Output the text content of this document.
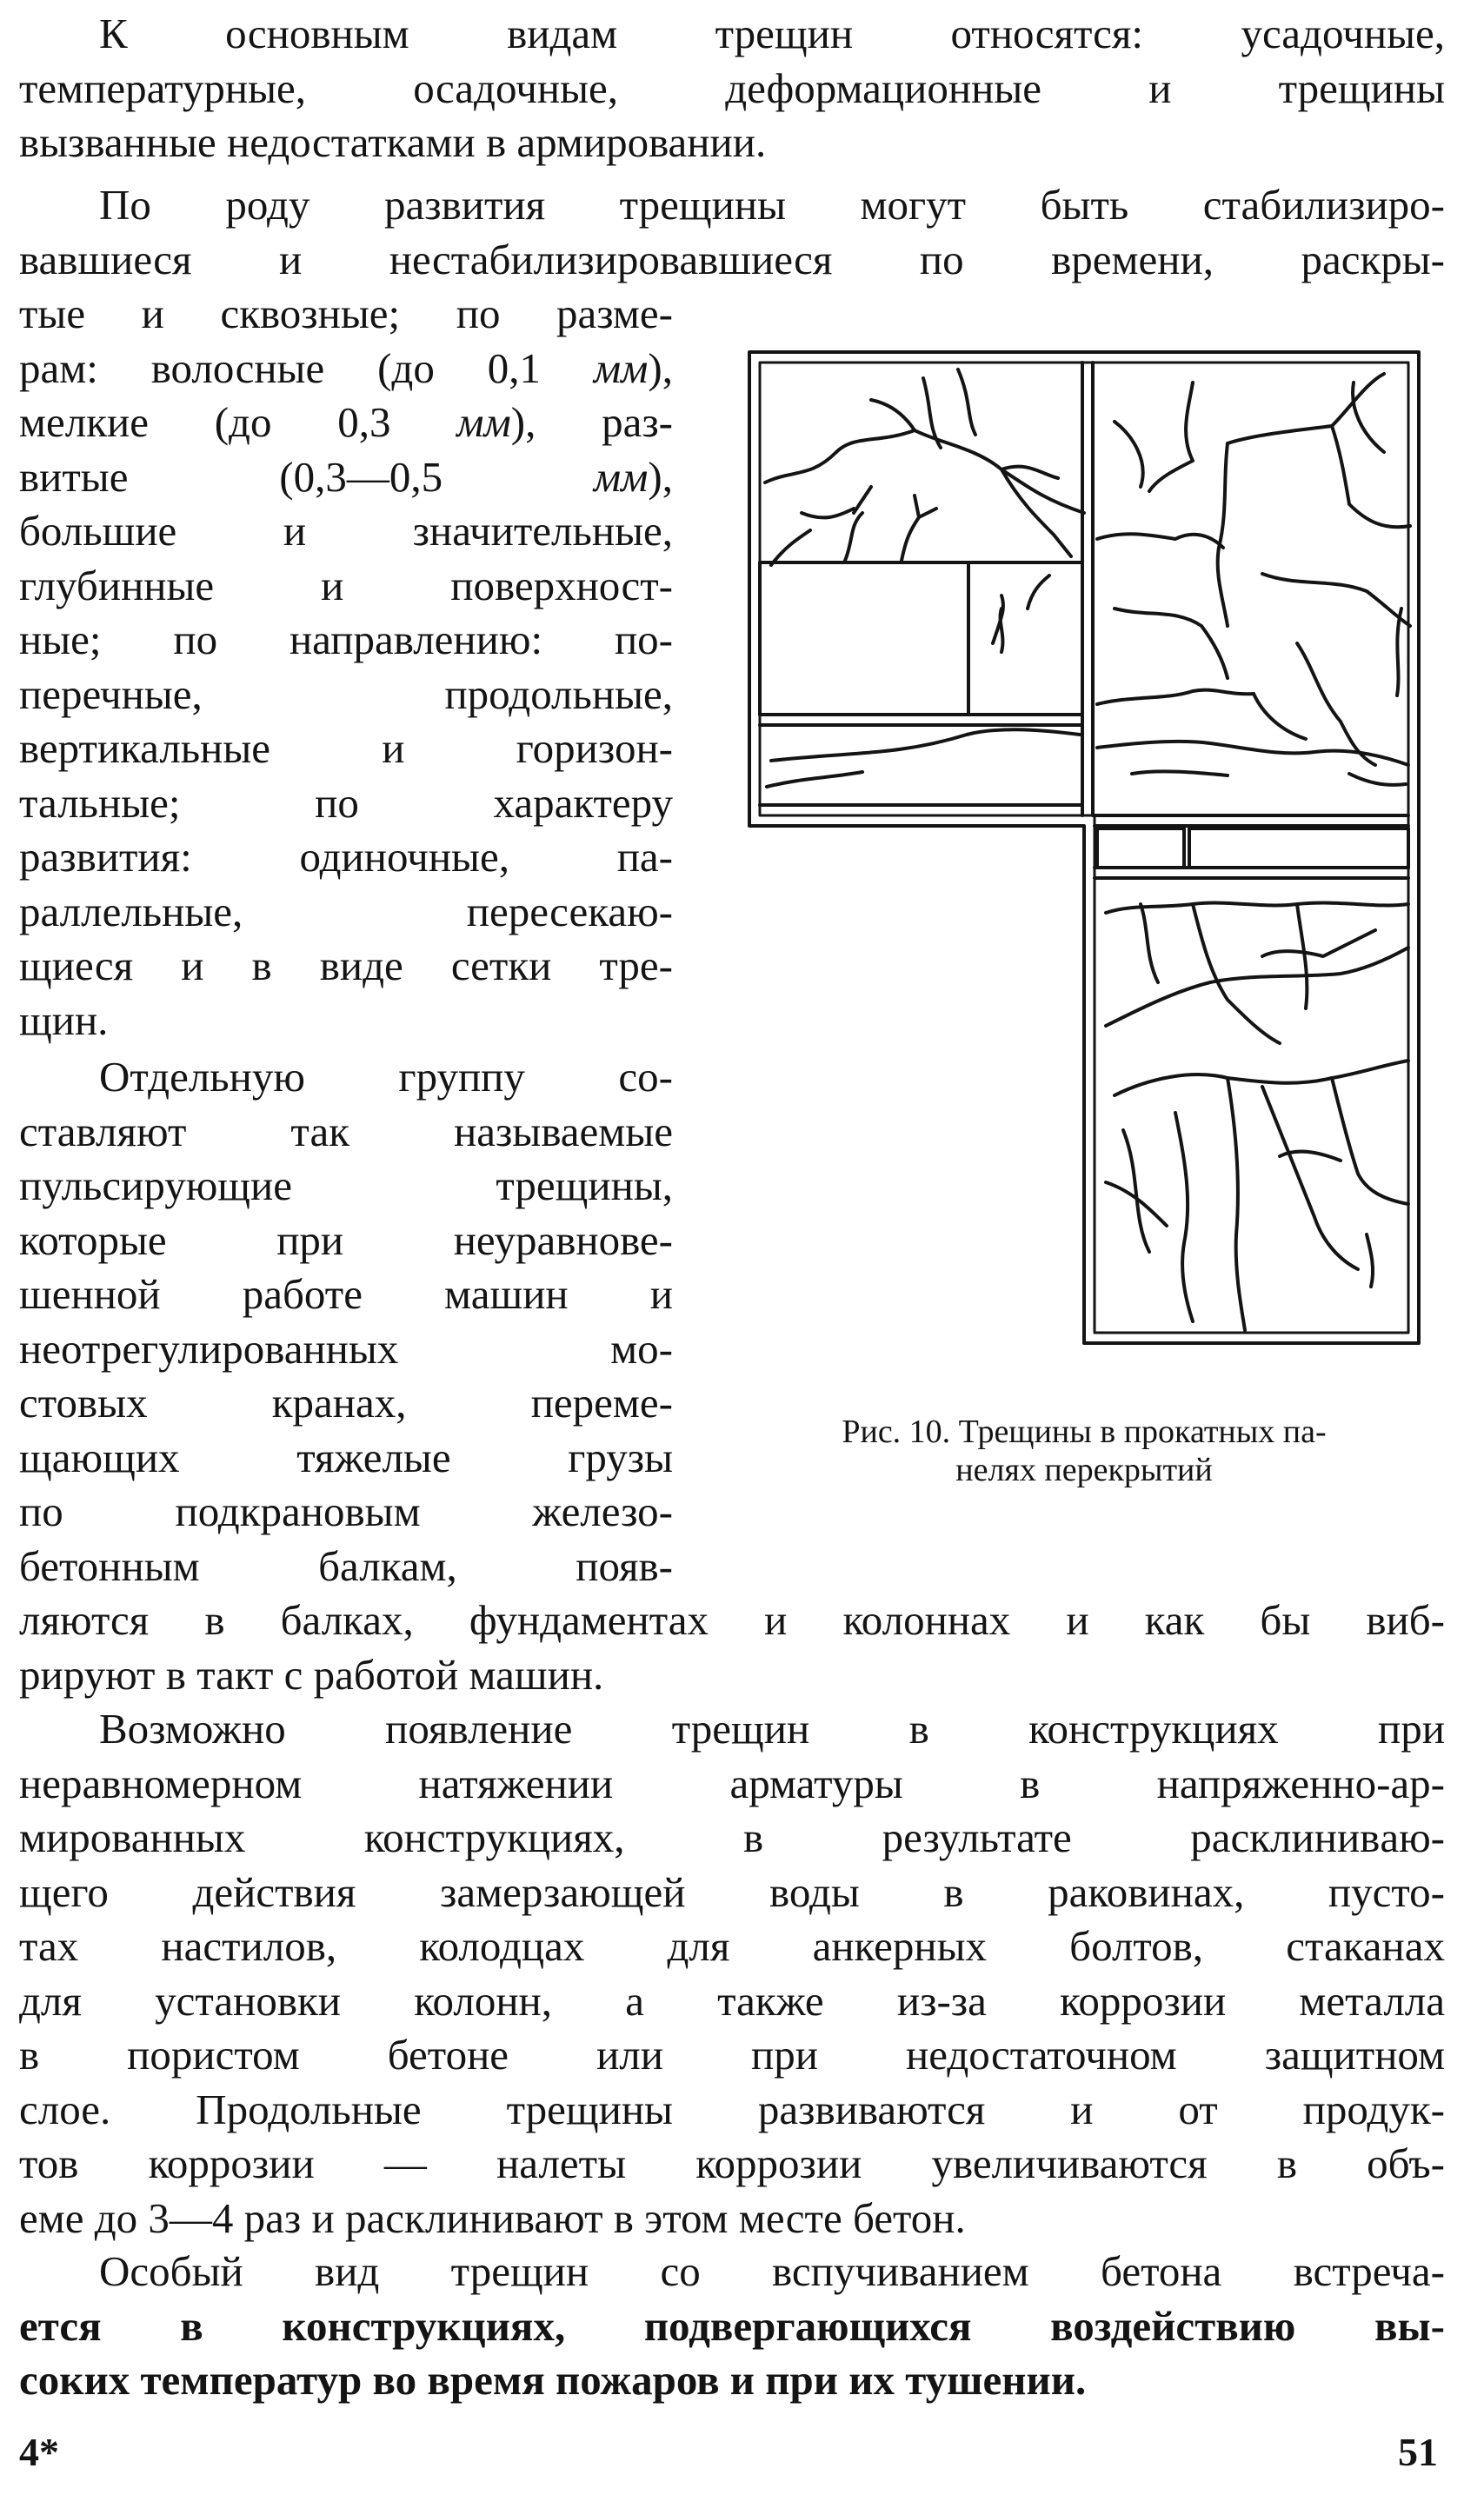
К основным видам трещин относятся: усадочные,
температурные, осадочные, деформационные и трещины
вызванные недостатками в армировании.
По роду развития трещины могут быть стабилизиро-
вавшиеся и нестабилизировавшиеся по времени, раскры-
тые и сквозные; по разме-
рам: волосные (до 0,1 мм),
мелкие (до 0,3 мм), раз-
витые (0,3—0,5 мм),
большие и значительные,
глубинные и поверхност-
ные; по направлению: по-
перечные, продольные,
вертикальные и горизон-
тальные; по характеру
развития: одиночные, па-
раллельные, пересекаю-
щиеся и в виде сетки тре-
щин.
Отдельную группу со-
ставляют так называемые
пульсирующие трещины,
которые при неуравнове-
шенной работе машин и
неотрегулированных мо-
стовых кранах, переме-
щающих тяжелые грузы
по подкрановым железо-
бетонным балкам, появ-
ляются в балках, фундаментах и колоннах и как бы виб-
рируют в такт с работой машин.
Возможно появление трещин в конструкциях при
неравномерном натяжении арматуры в напряженно-ар-
мированных конструкциях, в результате расклинивaю-
щего действия замерзающей воды в раковинах, пусто-
тах настилов, колодцах для анкерных болтов, стаканах
для установки колонн, а также из-за коррозии металла
в пористом бетоне или при недостаточном защитном
слое. Продольные трещины развиваются и от продук-
тов коррозии — налеты коррозии увеличиваются в объ-
еме до 3—4 раз и расклинивают в этом месте бетон.
Особый вид трещин со вспучиванием бетона встреча-
ется в конструкциях, подвергающихся воздействию вы-
соких температур во время пожаров и при их тушении.
Рис. 10. Трещины в прокатных па-
нелях перекрытий
4*	51
